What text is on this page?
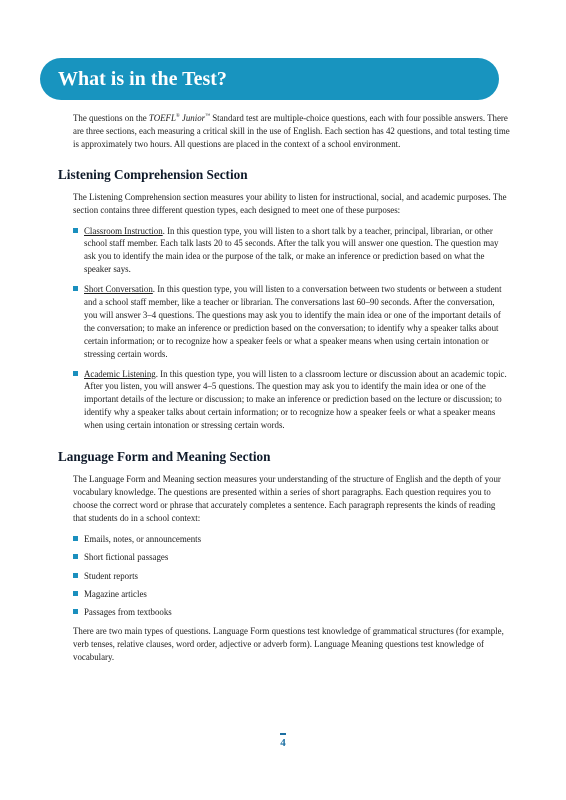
What is in the Test?

The questions on the TOEFL® Junior™ Standard test are multiple-choice questions, each with four possible answers. There are three sections, each measuring a critical skill in the use of English. Each section has 42 questions, and total testing time is approximately two hours. All questions are placed in the context of a school environment.

Listening Comprehension Section

The Listening Comprehension section measures your ability to listen for instructional, social, and academic purposes. The section contains three different question types, each designed to meet one of these purposes:

Classroom Instruction. In this question type, you will listen to a short talk by a teacher, principal, librarian, or other school staff member. Each talk lasts 20 to 45 seconds. After the talk you will answer one question. The question may ask you to identify the main idea or the purpose of the talk, or make an inference or prediction based on what the speaker says.

Short Conversation. In this question type, you will listen to a conversation between two students or between a student and a school staff member, like a teacher or librarian. The conversations last 60–90 seconds. After the conversation, you will answer 3–4 questions. The questions may ask you to identify the main idea or one of the important details of the conversation; to make an inference or prediction based on the conversation; to identify why a speaker talks about certain information; or to recognize how a speaker feels or what a speaker means when using certain intonation or stressing certain words.

Academic Listening. In this question type, you will listen to a classroom lecture or discussion about an academic topic. After you listen, you will answer 4–5 questions. The question may ask you to identify the main idea or one of the important details of the lecture or discussion; to make an inference or prediction based on the lecture or discussion; to identify why a speaker talks about certain information; or to recognize how a speaker feels or what a speaker means when using certain intonation or stressing certain words.

Language Form and Meaning Section

The Language Form and Meaning section measures your understanding of the structure of English and the depth of your vocabulary knowledge. The questions are presented within a series of short paragraphs. Each question requires you to choose the correct word or phrase that accurately completes a sentence. Each paragraph represents the kinds of reading that students do in a school context:

Emails, notes, or announcements
Short fictional passages
Student reports
Magazine articles
Passages from textbooks

There are two main types of questions. Language Form questions test knowledge of grammatical structures (for example, verb tenses, relative clauses, word order, adjective or adverb form). Language Meaning questions test knowledge of vocabulary.

4
